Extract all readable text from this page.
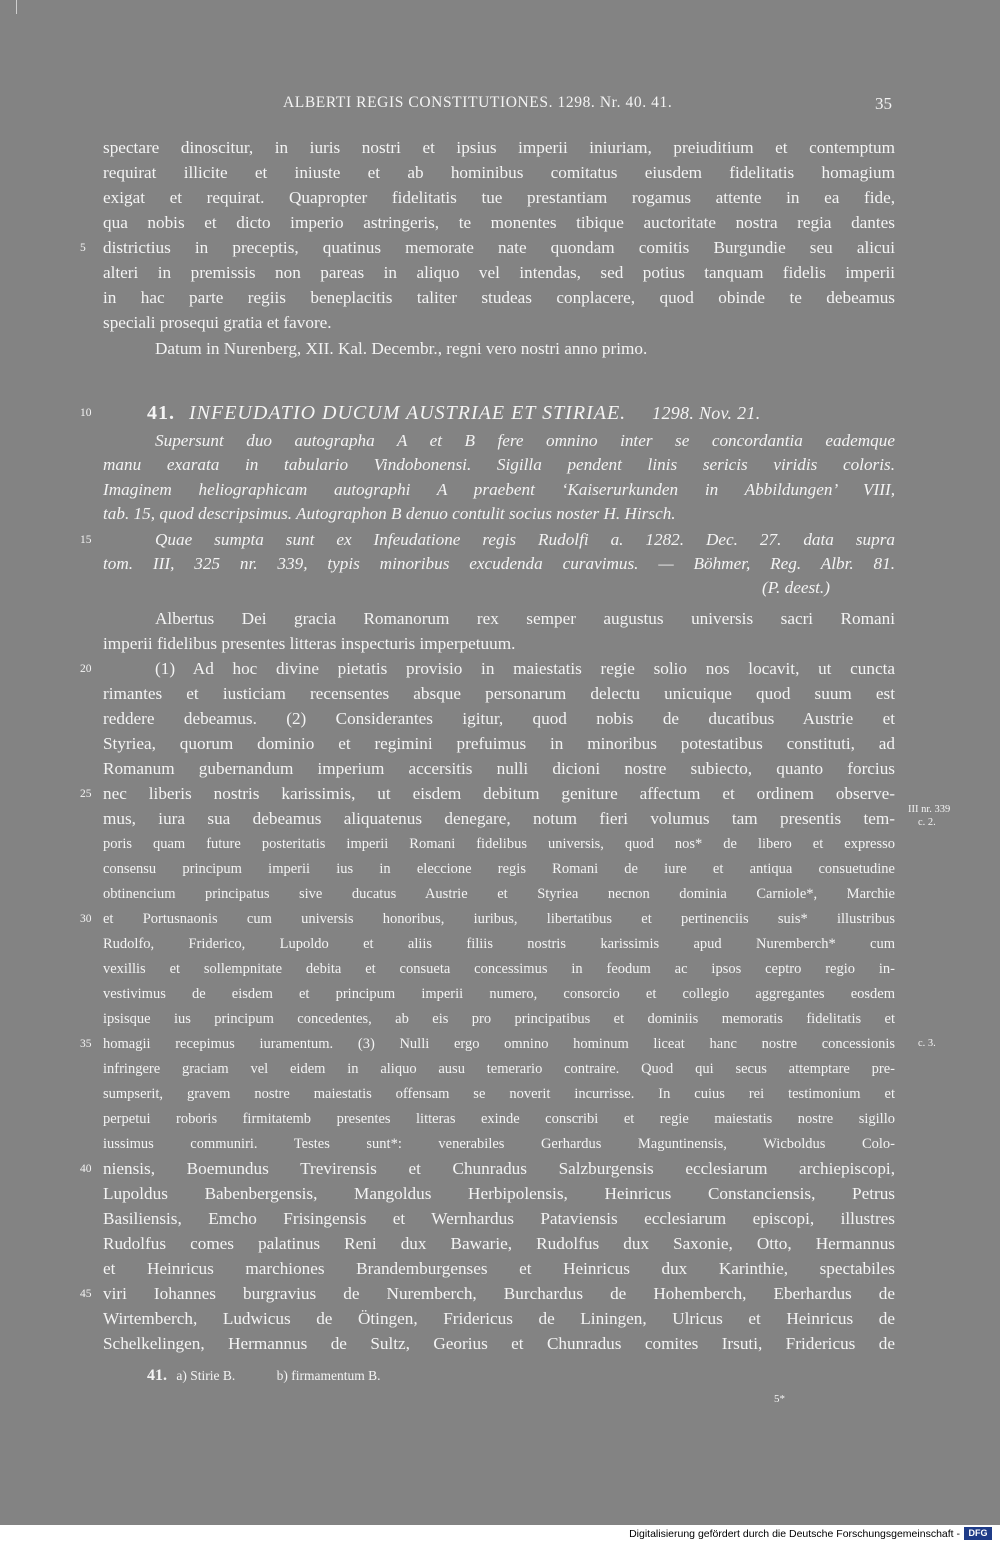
ALBERTI REGIS CONSTITUTIONES. 1298. Nr. 40. 41.	35
spectare dinoscitur, in iuris nostri et ipsius imperii iniuriam, preiuditium et contemptum
requirat illicite et iniuste et ab hominibus comitatus eiusdem fidelitatis homagium
exigat et requirat. Quapropter fidelitatis tue prestantiam rogamus attente in ea fide,
qua nobis et dicto imperio astringeris, te monentes tibique auctoritate nostra regia dantes
districtius in preceptis, quatinus memorate nate quondam comitis Burgundie seu alicui
alteri in premissis non pareas in aliquo vel intendas, sed potius tanquam fidelis imperii
in hac parte regiis beneplacitis taliter studeas conplacere, quod obinde te debeamus
speciali prosequi gratia et favore.
Datum in Nurenberg, XII. Kal. Decembr., regni vero nostri anno primo.
41. INFEUDATIO DUCUM AUSTRIAE ET STIRIAE. 1298. Nov. 21.
Supersunt duo autographa A et B fere omnino inter se concordantia eademque
manu exarata in tabulario Vindobonensi. Sigilla pendent linis sericis viridis coloris.
Imaginem heliographicam autographi A praebent ‘Kaiserurkunden in Abbildungen’ VIII,
tab. 15, quod descripsimus. Autographon B denuo contulit socius noster H. Hirsch.
Quae sumpta sunt ex Infeudatione regis Rudolfi a. 1282. Dec. 27. data supra
tom. III, 325 nr. 339, typis minoribus excudenda curavimus. — Böhmer, Reg. Albr. 81.
(P. deest.)
Albertus Dei gracia Romanorum rex semper augustus universis sacri Romani
imperii fidelibus presentes litteras inspecturis imperpetuum.
(1) Ad hoc divine pietatis provisio in maiestatis regie solio nos locavit, ut cuncta
rimantes et iusticiam recensentes absque personarum delectu unicuique quod suum est
reddere debeamus. (2) Considerantes igitur, quod nobis de ducatibus Austrie et
Styriea, quorum dominio et regimini prefuimus in minoribus potestatibus constituti, ad
Romanum gubernandum imperium accersitis nulli dicioni nostre subiecto, quanto forcius
nec liberis nostris karissimis, ut eisdem debitum geniture affectum et ordinem observe-
mus, iura sua debeamus aliquatenus denegare, notum fieri volumus tam presentis tem-
poris quam future posteritatis imperii Romani fidelibus universis, quod nos* de libero et expresso
consensu principum imperii ius in eleccione regis Romani de iure et antiqua consuetudine
obtinencium principatus sive ducatus Austrie et Styriea necnon dominia Carniole*, Marchie
et Portusnaonis cum universis honoribus, iuribus, libertatibus et pertinenciis suis* illustribus
Rudolfo, Friderico, Lupoldo et aliis filiis nostris karissimis apud Nuremberch* cum
vexillis et sollempnitate debita et consueta concessimus in feodum ac ipsos ceptro regio in-
vestivimus de eisdem et principum imperii numero, consorcio et collegio aggregantes eosdem
ipsisque ius principum concedentes, ab eis pro principatibus et dominiis memoratis fidelitatis et
homagii recepimus iuramentum. (3) Nulli ergo omnino hominum liceat hanc nostre concessionis
infringere graciam vel eidem in aliquo ausu temerario contraire. Quod qui secus attemptare pre-
sumpserit, gravem nostre maiestatis offensam se noverit incurrisse. In cuius rei testimonium et
perpetui roboris firmitatemb presentes litteras exinde conscribi et regie maiestatis nostre sigillo
iussimus communiri. Testes sunt*: venerabiles Gerhardus Maguntinensis, Wicboldus Colo-
niensis, Boemundus Trevirensis et Chunradus Salzburgensis ecclesiarum archiepiscopi,
Lupoldus Babenbergensis, Mangoldus Herbipolensis, Heinricus Constanciensis, Petrus
Basiliensis, Emcho Frisingensis et Wernhardus Pataviensis ecclesiarum episcopi, illustres
Rudolfus comes palatinus Reni dux Bawarie, Rudolfus dux Saxonie, Otto, Hermannus
et Heinricus marchiones Brandemburgenses et Heinricus dux Karinthie, spectabiles
viri Iohannes burgravius de Nuremberch, Burchardus de Hohemberch, Eberhardus de
Wirtemberch, Ludwicus de Ötingen, Fridericus de Liningen, Ulricus et Heinricus de
Schelkelingen, Hermannus de Sultz, Georius et Chunradus comites Irsuti, Fridericus de
5
10
15
20
25
30
35
40
45
III nr. 339
c. 2.
c. 3.
41. a) Stirie B.	b) firmamentum B.
5*
Digitalisierung gefördert durch die Deutsche Forschungsgemeinschaft - DFG
